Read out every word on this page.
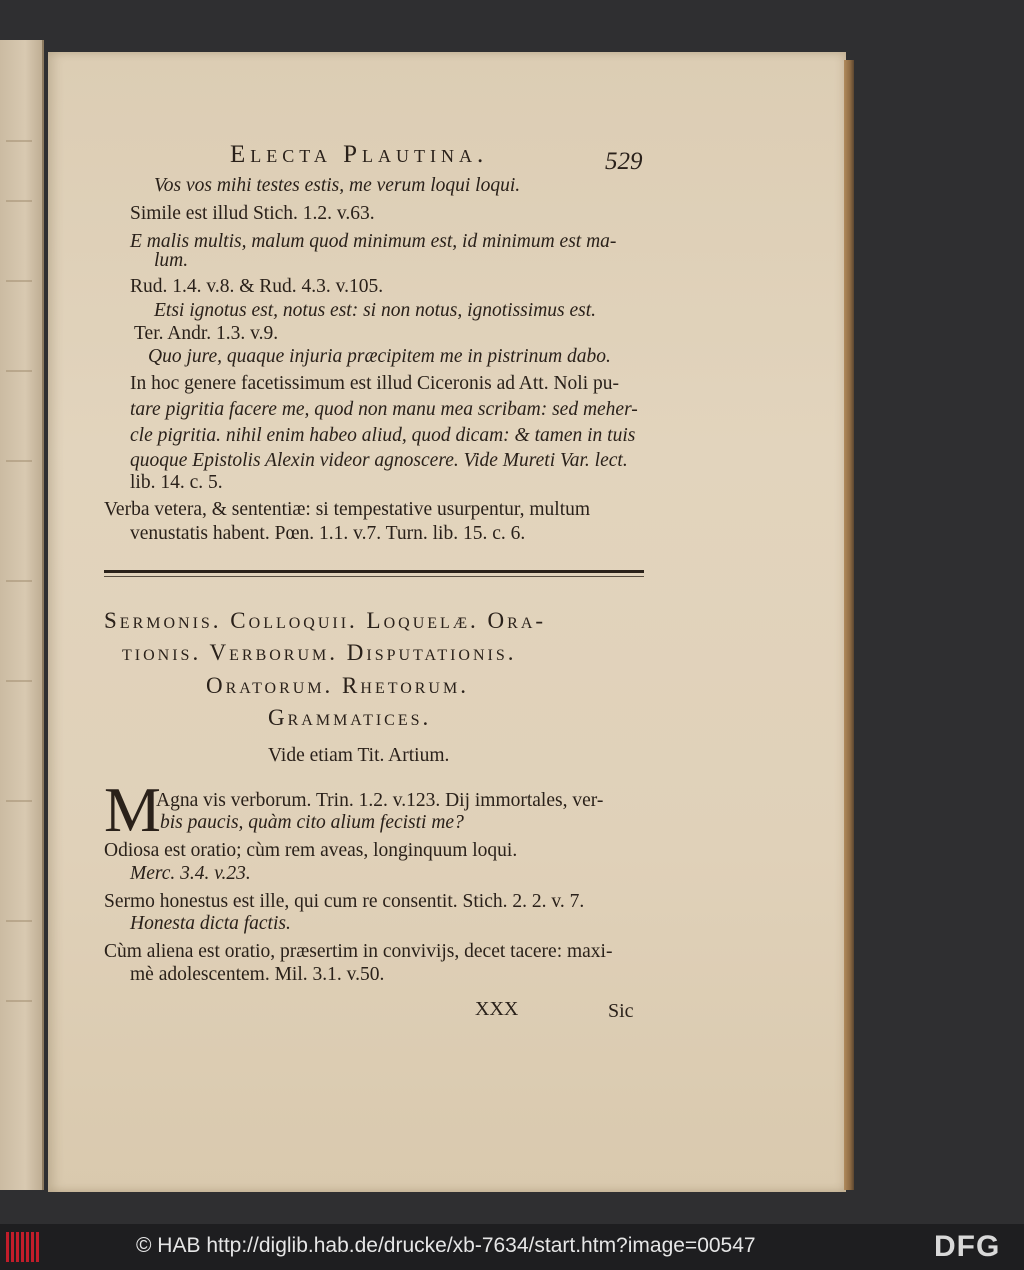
Electa Plautina.	529
Vos vos mihi testes estis, me verum loqui loqui.
Simile est illud Stich. 1.2. v.63.
E malis multis, malum quod minimum est, id minimum est ma-
lum.
Rud. 1.4. v.8. & Rud. 4.3. v.105.
Etsi ignotus est, notus est: si non notus, ignotissimus est.
Ter. Andr. 1.3. v.9.
Quo jure, quaque injuria præcipitem me in pistrinum dabo.
In hoc genere facetissimum est illud Ciceronis ad Att. Noli pu-
tare pigritia facere me, quod non manu mea scribam: sed meher-
cle pigritia. nihil enim habeo aliud, quod dicam: & tamen in tuis
quoque Epistolis Alexin videor agnoscere. Vide Mureti Var. lect.
lib. 14. c. 5.
Verba vetera, & sententiæ: si tempestative usurpentur, multum
venustatis habent. Pœn. 1.1. v.7. Turn. lib. 15. c. 6.
Sermonis. Colloquii. Loquelæ. Ora-
tionis. Verborum. Disputationis.
Oratorum. Rhetorum.
Grammatices.
Vide etiam Tit. Artium.
M
Agna vis verborum. Trin. 1.2. v.123. Dij immortales, ver-
bis paucis, quàm cito alium fecisti me?
Odiosa est oratio; cùm rem aveas, longinquum loqui.
Merc. 3.4. v.23.
Sermo honestus est ille, qui cum re consentit. Stich. 2. 2. v. 7.
Honesta dicta factis.
Cùm aliena est oratio, præsertim in convivijs, decet tacere: maxi-
mè adolescentem. Mil. 3.1. v.50.
XXX	Sic
© HAB http://diglib.hab.de/drucke/xb-7634/start.htm?image=00547	DFG
